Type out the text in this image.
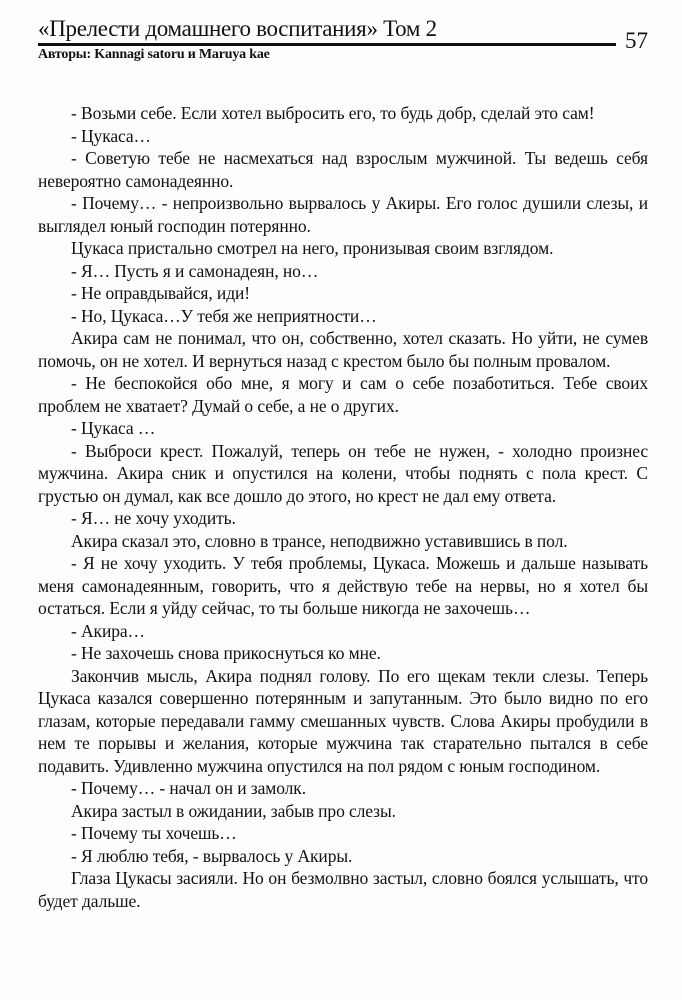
«Прелести домашнего воспитания» Том 2	57
Авторы: Kannagi satoru и Maruya kae

- Возьми себе. Если хотел выбросить его, то будь добр, сделай это сам!

- Цукаса…

- Советую тебе не насмехаться над взрослым мужчиной. Ты ведешь себя невероятно самонадеянно.

- Почему… - непроизвольно вырвалось у Акиры. Его голос душили слезы, и выглядел юный господин потерянно.

Цукаса пристально смотрел на него, пронизывая своим взглядом.

- Я… Пусть я и самонадеян, но…

- Не оправдывайся, иди!

- Но, Цукаса…У тебя же неприятности…

Акира сам не понимал, что он, собственно, хотел сказать. Но уйти, не сумев помочь, он не хотел. И вернуться назад с крестом было бы полным провалом.

- Не беспокойся обо мне, я могу и сам о себе позаботиться. Тебе своих проблем не хватает? Думай о себе, а не о других.

- Цукаса …

- Выброси крест. Пожалуй, теперь он тебе не нужен, - холодно произнес мужчина. Акира сник и опустился на колени, чтобы поднять с пола крест. С грустью он думал, как все дошло до этого, но крест не дал ему ответа.

- Я… не хочу уходить.

Акира сказал это, словно в трансе, неподвижно уставившись в пол.

- Я не хочу уходить. У тебя проблемы, Цукаса. Можешь и дальше называть меня самонадеянным, говорить, что я действую тебе на нервы, но я хотел бы остаться. Если я уйду сейчас, то ты больше никогда не захочешь…

- Акира…

- Не захочешь снова прикоснуться ко мне.

Закончив мысль, Акира поднял голову. По его щекам текли слезы. Теперь Цукаса казался совершенно потерянным и запутанным. Это было видно по его глазам, которые передавали гамму смешанных чувств. Слова Акиры пробудили в нем те порывы и желания, которые мужчина так старательно пытался в себе подавить. Удивленно мужчина опустился на пол рядом с юным господином.

- Почему… - начал он и замолк.

Акира застыл в ожидании, забыв про слезы.

- Почему ты хочешь…

- Я люблю тебя, - вырвалось у Акиры.

Глаза Цукасы засияли. Но он безмолвно застыл, словно боялся услышать, что будет дальше.
